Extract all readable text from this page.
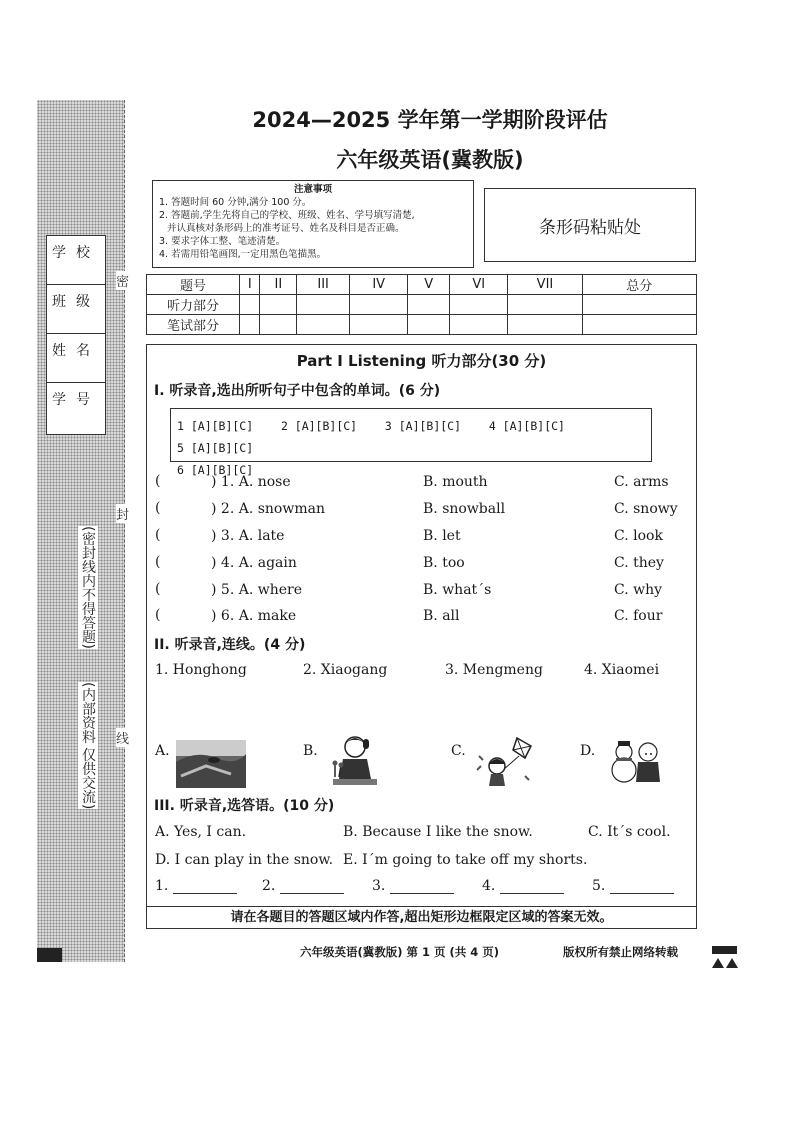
学校
班级
姓名
学号
密
封
线
(密封线内不得答题)
(内部资料 仅供交流)
2024—2025 学年第一学期阶段评估
六年级英语(冀教版)
注意事项
1. 答题时间 60 分钟,满分 100 分。
2. 答题前,学生先将自己的学校、班级、姓名、学号填写清楚,
并认真核对条形码上的准考证号、姓名及科目是否正确。
3. 要求字体工整、笔迹清楚。
4. 若需用铅笔画图,一定用黑色笔描黑。
条形码粘贴处
题号	I	II	III	IV	V	VI	VII	总分
听力部分								
笔试部分								
Part I Listening 听力部分(30 分)
I. 听录音,选出所听句子中包含的单词。(6 分)
1 [A][B][C] 2 [A][B][C] 3 [A][B][C] 4 [A][B][C] 5 [A][B][C]
6 [A][B][C]
(	) 1. A. nose	B. mouth	C. arms
(	) 2. A. snowman	B. snowball	C. snowy
(	) 3. A. late	B. let	C. look
(	) 4. A. again	B. too	C. they
(	) 5. A. where	B. what´s	C. why
(	) 6. A. make	B. all	C. four
II. 听录音,连线。(4 分)
1. Honghong	2. Xiaogang	3. Mengmeng	4. Xiaomei
A.	B.	C.	D.
III. 听录音,选答语。(10 分)
A. Yes, I can.	B. Because I like the snow.	C. It´s cool.
D. I can play in the snow. E. I´m going to take off my shorts.
1.	2.	3.	4.	5.
请在各题目的答题区域内作答,超出矩形边框限定区域的答案无效。
六年级英语(冀教版) 第 1 页 (共 4 页)	版权所有禁止网络转载
